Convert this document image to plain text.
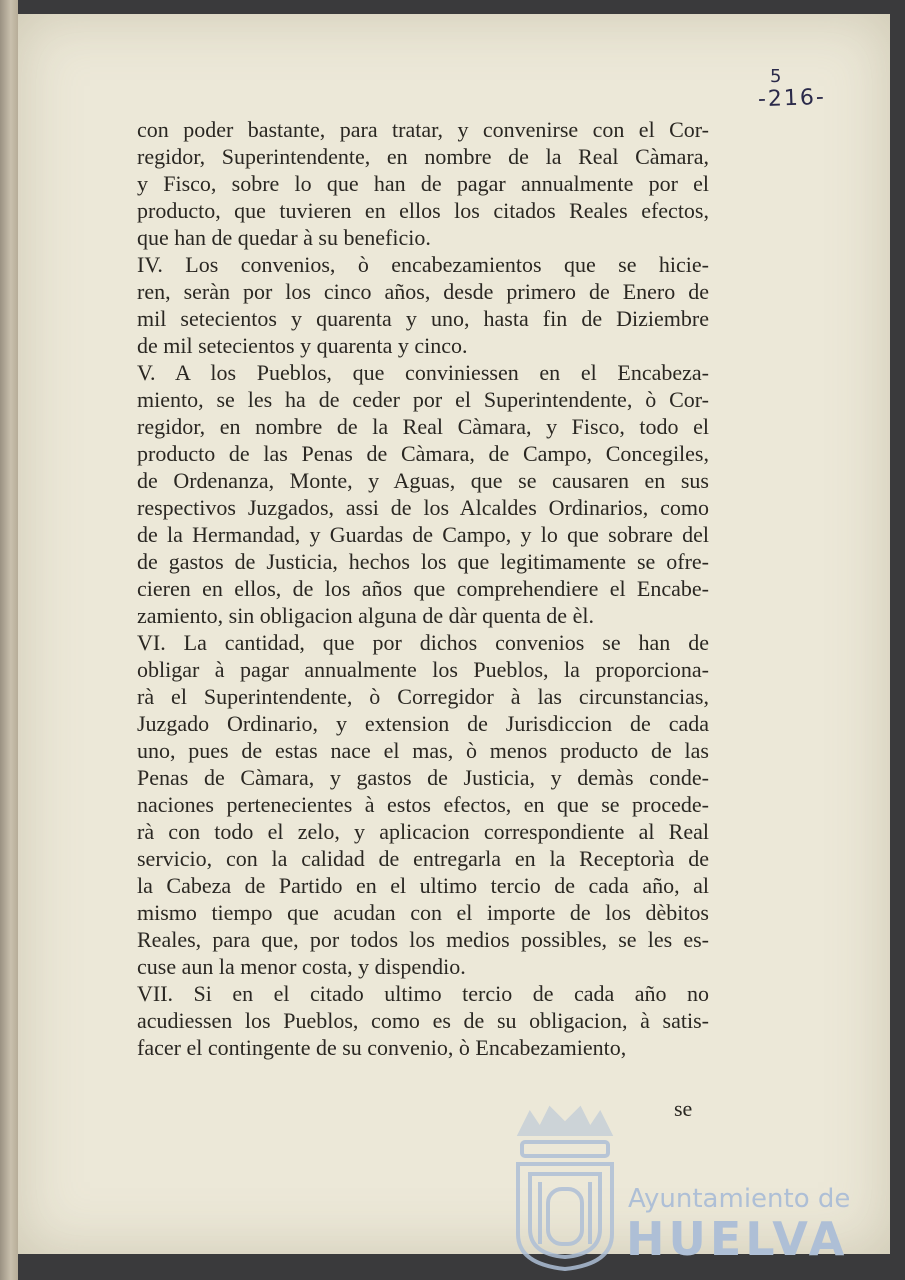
5
-216-
con poder bastante, para tratar, y convenirse con el Cor-
regidor, Superintendente, en nombre de la Real Càmara,
y Fisco, sobre lo que han de pagar annualmente por el
producto, que tuvieren en ellos los citados Reales efectos,
que han de quedar à su beneficio.
IV. Los convenios, ò encabezamientos que se hicie-
ren, seràn por los cinco años, desde primero de Enero de
mil setecientos y quarenta y uno, hasta fin de Diziembre
de mil setecientos y quarenta y cinco.
V. A los Pueblos, que conviniessen en el Encabeza-
miento, se les ha de ceder por el Superintendente, ò Cor-
regidor, en nombre de la Real Càmara, y Fisco, todo el
producto de las Penas de Càmara, de Campo, Concegiles,
de Ordenanza, Monte, y Aguas, que se causaren en sus
respectivos Juzgados, assi de los Alcaldes Ordinarios, como
de la Hermandad, y Guardas de Campo, y lo que sobrare del
de gastos de Justicia, hechos los que legitimamente se ofre-
cieren en ellos, de los años que comprehendiere el Encabe-
zamiento, sin obligacion alguna de dàr quenta de èl.
VI. La cantidad, que por dichos convenios se han de
obligar à pagar annualmente los Pueblos, la proporciona-
rà el Superintendente, ò Corregidor à las circunstancias,
Juzgado Ordinario, y extension de Jurisdiccion de cada
uno, pues de estas nace el mas, ò menos producto de las
Penas de Càmara, y gastos de Justicia, y demàs conde-
naciones pertenecientes à estos efectos, en que se procede-
rà con todo el zelo, y aplicacion correspondiente al Real
servicio, con la calidad de entregarla en la Receptorìa de
la Cabeza de Partido en el ultimo tercio de cada año, al
mismo tiempo que acudan con el importe de los dèbitos
Reales, para que, por todos los medios possibles, se les es-
cuse aun la menor costa, y dispendio.
VII. Si en el citado ultimo tercio de cada año no
acudiessen los Pueblos, como es de su obligacion, à satis-
facer el contingente de su convenio, ò Encabezamiento,
se
Ayuntamiento de
HUELVA
